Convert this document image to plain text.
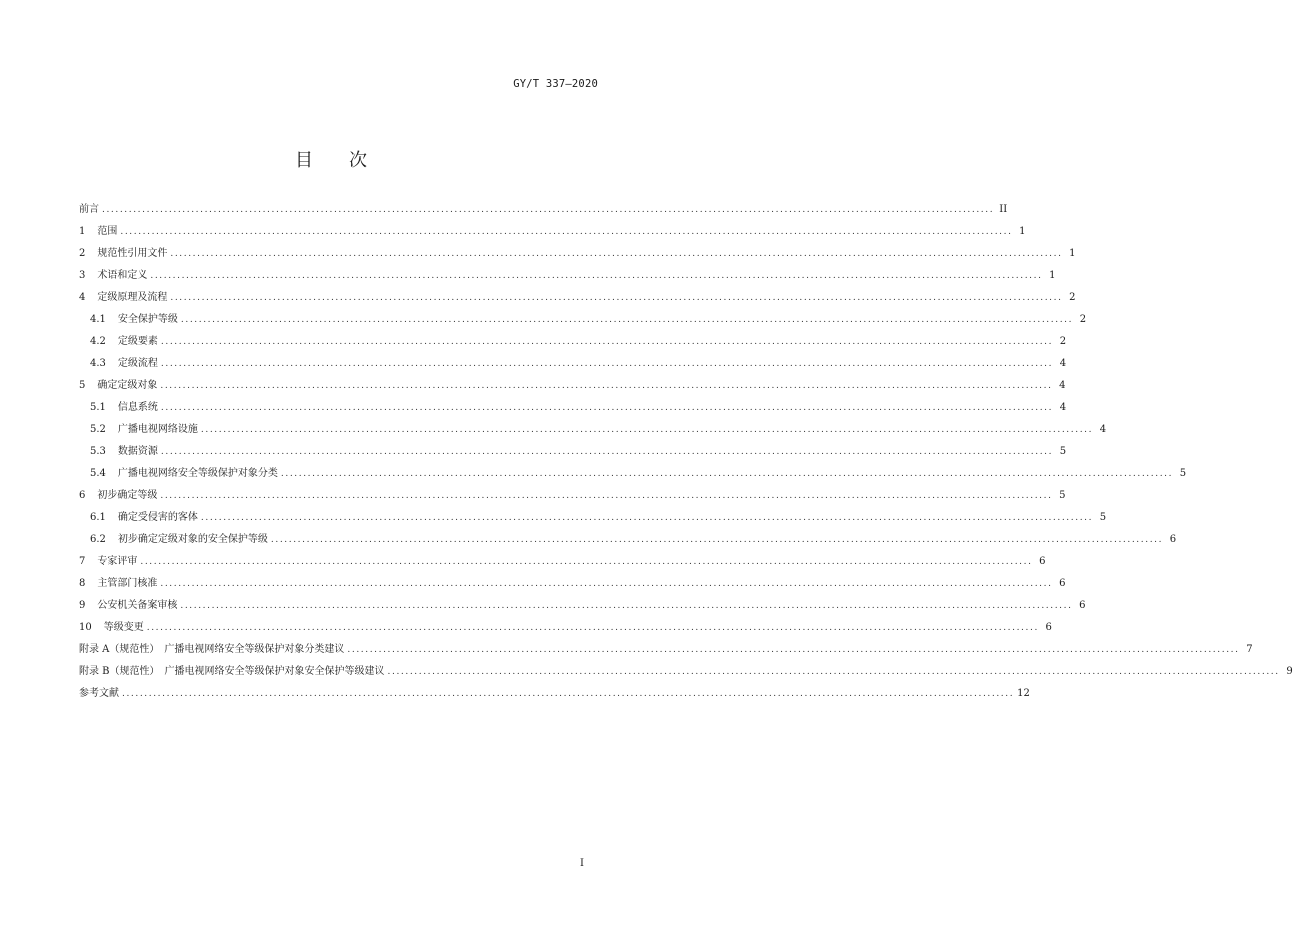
GY/T 337—2020
目 次
前言 ........................................................................................................................................................................................................ II
1 范围 ........................................................................................................................................................................................................ 1
2 规范性引用文件 ........................................................................................................................................................................................................ 1
3 术语和定义 ........................................................................................................................................................................................................ 1
4 定级原理及流程 ........................................................................................................................................................................................................ 2
4.1 安全保护等级 ........................................................................................................................................................................................................ 2
4.2 定级要素 ........................................................................................................................................................................................................ 2
4.3 定级流程 ........................................................................................................................................................................................................ 4
5 确定定级对象 ........................................................................................................................................................................................................ 4
5.1 信息系统 ........................................................................................................................................................................................................ 4
5.2 广播电视网络设施 ........................................................................................................................................................................................................ 4
5.3 数据资源 ........................................................................................................................................................................................................ 5
5.4 广播电视网络安全等级保护对象分类 ........................................................................................................................................................................................................ 5
6 初步确定等级 ........................................................................................................................................................................................................ 5
6.1 确定受侵害的客体 ........................................................................................................................................................................................................ 5
6.2 初步确定定级对象的安全保护等级 ........................................................................................................................................................................................................ 6
7 专家评审 ........................................................................................................................................................................................................ 6
8 主管部门核准 ........................................................................................................................................................................................................ 6
9 公安机关备案审核 ........................................................................................................................................................................................................ 6
10 等级变更 ........................................................................................................................................................................................................ 6
附录 A（规范性）　广播电视网络安全等级保护对象分类建议 ........................................................................................................................................................................................................ 7
附录 B（规范性）　广播电视网络安全等级保护对象安全保护等级建议 ........................................................................................................................................................................................................ 9
参考文献 ........................................................................................................................................................................................................ 12
I
